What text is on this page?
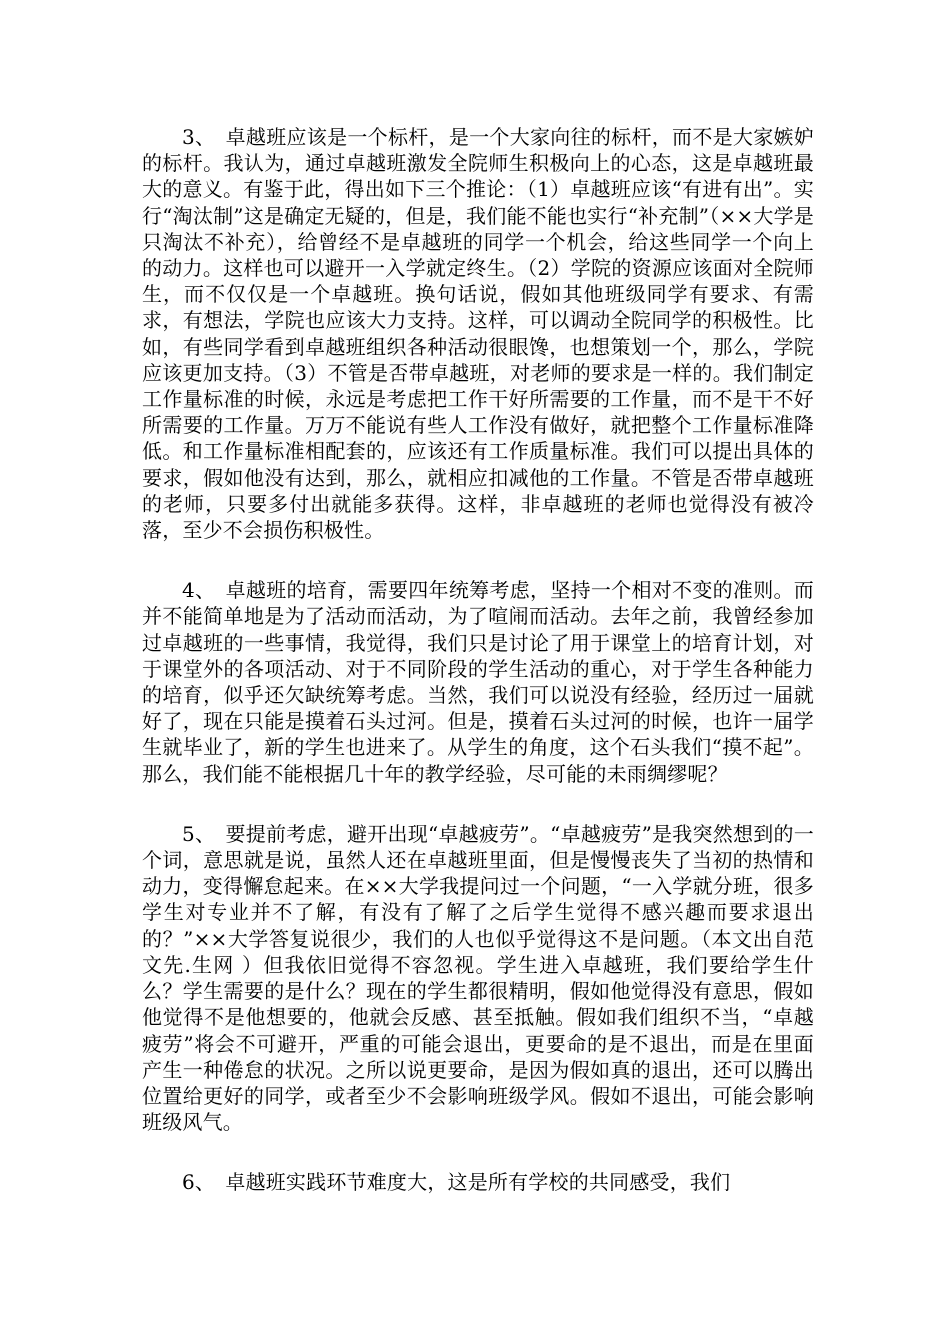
3、　卓越班应该是一个标杆，是一个大家向往的标杆，而不是大家嫉妒的标杆。我认为，通过卓越班激发全院师生积极向上的心态，这是卓越班最大的意义。有鉴于此，得出如下三个推论：（1）卓越班应该“有进有出”。实行“淘汰制”这是确定无疑的，但是，我们能不能也实行“补充制”（××大学是只淘汰不补充），给曾经不是卓越班的同学一个机会，给这些同学一个向上的动力。这样也可以避开一入学就定终生。（2）学院的资源应该面对全院师生，而不仅仅是一个卓越班。换句话说，假如其他班级同学有要求、有需求，有想法，学院也应该大力支持。这样，可以调动全院同学的积极性。比如，有些同学看到卓越班组织各种活动很眼馋，也想策划一个，那么，学院应该更加支持。（3）不管是否带卓越班，对老师的要求是一样的。我们制定工作量标准的时候，永远是考虑把工作干好所需要的工作量，而不是干不好所需要的工作量。万万不能说有些人工作没有做好，就把整个工作量标准降低。和工作量标准相配套的，应该还有工作质量标准。我们可以提出具体的要求，假如他没有达到，那么，就相应扣减他的工作量。不管是否带卓越班的老师，只要多付出就能多获得。这样，非卓越班的老师也觉得没有被冷落，至少不会损伤积极性。

4、　卓越班的培育，需要四年统筹考虑，坚持一个相对不变的准则。而并不能简单地是为了活动而活动，为了喧闹而活动。去年之前，我曾经参加过卓越班的一些事情，我觉得，我们只是讨论了用于课堂上的培育计划，对于课堂外的各项活动、对于不同阶段的学生活动的重心，对于学生各种能力的培育，似乎还欠缺统筹考虑。当然，我们可以说没有经验，经历过一届就好了，现在只能是摸着石头过河。但是，摸着石头过河的时候，也许一届学生就毕业了，新的学生也进来了。从学生的角度，这个石头我们“摸不起”。那么，我们能不能根据几十年的教学经验，尽可能的未雨绸缪呢？

5、　要提前考虑，避开出现“卓越疲劳”。“卓越疲劳”是我突然想到的一个词，意思就是说，虽然人还在卓越班里面，但是慢慢丧失了当初的热情和动力，变得懈怠起来。在××大学我提问过一个问题，“一入学就分班，很多学生对专业并不了解，有没有了解了之后学生觉得不感兴趣而要求退出的？”××大学答复说很少，我们的人也似乎觉得这不是问题。（本文出自范文先.生网 ）但我依旧觉得不容忽视。学生进入卓越班，我们要给学生什么？学生需要的是什么？现在的学生都很精明，假如他觉得没有意思，假如他觉得不是他想要的，他就会反感、甚至抵触。假如我们组织不当，“卓越疲劳”将会不可避开，严重的可能会退出，更要命的是不退出，而是在里面产生一种倦怠的状况。之所以说更要命，是因为假如真的退出，还可以腾出位置给更好的同学，或者至少不会影响班级学风。假如不退出，可能会影响班级风气。

6、　卓越班实践环节难度大，这是所有学校的共同感受，我们
